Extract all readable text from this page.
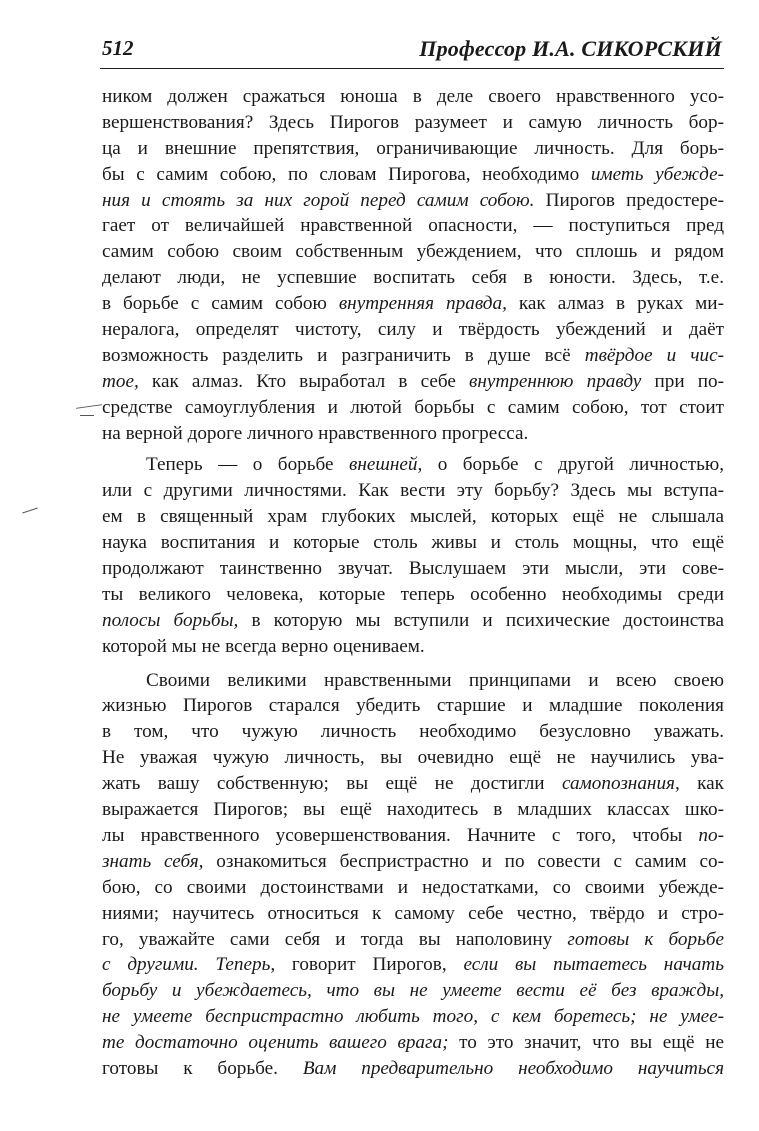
512	Профессор И.А. СИКОРСКИЙ
ником должен сражаться юноша в деле своего нравственного усо-
вершенствования? Здесь Пирогов разумеет и самую личность бор-
ца и внешние препятствия, ограничивающие личность. Для борь-
бы с самим собою, по словам Пирогова, необходимо иметь убежде-
ния и стоять за них горой перед самим собою. Пирогов предостере-
гает от величайшей нравственной опасности, — поступиться пред
самим собою своим собственным убеждением, что сплошь и рядом
делают люди, не успевшие воспитать себя в юности. Здесь, т.е.
в борьбе с самим собою внутренняя правда, как алмаз в руках ми-
нералога, определят чистоту, силу и твёрдость убеждений и даёт
возможность разделить и разграничить в душе всё твёрдое и чис-
тое, как алмаз. Кто выработал в себе внутреннюю правду при по-
средстве самоуглубления и лютой борьбы с самим собою, тот стоит
на верной дороге личного нравственного прогресса.
Теперь — о борьбе внешней, о борьбе с другой личностью,
или с другими личностями. Как вести эту борьбу? Здесь мы вступа-
ем в священный храм глубоких мыслей, которых ещё не слышала
наука воспитания и которые столь живы и столь мощны, что ещё
продолжают таинственно звучат. Выслушаем эти мысли, эти сове-
ты великого человека, которые теперь особенно необходимы среди
полосы борьбы, в которую мы вступили и психические достоинства
которой мы не всегда верно оцениваем.
Своими великими нравственными принципами и всею своею
жизнью Пирогов старался убедить старшие и младшие поколения
в том, что чужую личность необходимо безусловно уважать.
Не уважая чужую личность, вы очевидно ещё не научились ува-
жать вашу собственную; вы ещё не достигли самопознания, как
выражается Пирогов; вы ещё находитесь в младших классах шко-
лы нравственного усовершенствования. Начните с того, чтобы по-
знать себя, ознакомиться беспристрастно и по совести с самим со-
бою, со своими достоинствами и недостатками, со своими убежде-
ниями; научитесь относиться к самому себе честно, твёрдо и стро-
го, уважайте сами себя и тогда вы наполовину готовы к борьбе
с другими. Теперь, говорит Пирогов, если вы пытаетесь начать
борьбу и убеждаетесь, что вы не умеете вести её без вражды,
не умеете беспристрастно любить того, с кем боретесь; не умее-
те достаточно оценить вашего врага; то это значит, что вы ещё не
готовы к борьбе. Вам предварительно необходимо научиться
